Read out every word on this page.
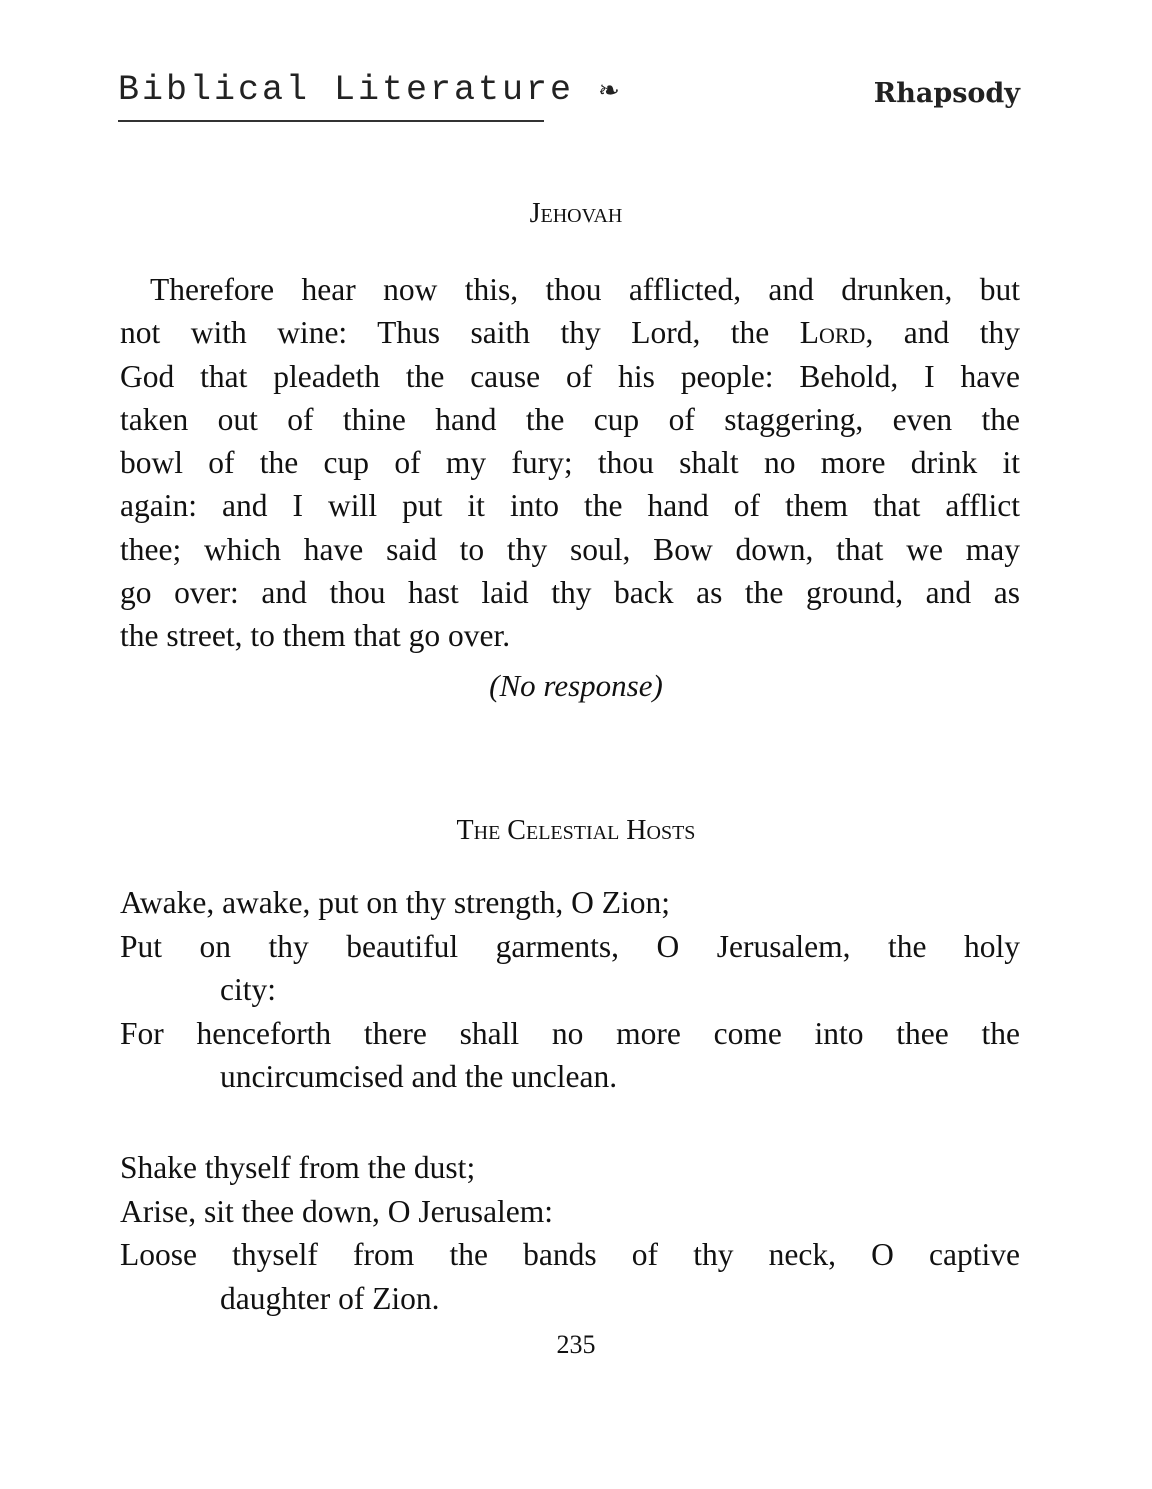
Biblical Literature ❧	Rhapsody
Jehovah
Therefore hear now this, thou afflicted, and drunken, but
not with wine: Thus saith thy Lord, the Lord, and thy
God that pleadeth the cause of his people: Behold, I have
taken out of thine hand the cup of staggering, even the
bowl of the cup of my fury; thou shalt no more drink it
again: and I will put it into the hand of them that afflict
thee; which have said to thy soul, Bow down, that we may
go over: and thou hast laid thy back as the ground, and as
the street, to them that go over.
(No response)
The Celestial Hosts
Awake, awake, put on thy strength, O Zion;
Put on thy beautiful garments, O Jerusalem, the holy
city:
For henceforth there shall no more come into thee the
uncircumcised and the unclean.
Shake thyself from the dust;
Arise, sit thee down, O Jerusalem:
Loose thyself from the bands of thy neck, O captive
daughter of Zion.
235
